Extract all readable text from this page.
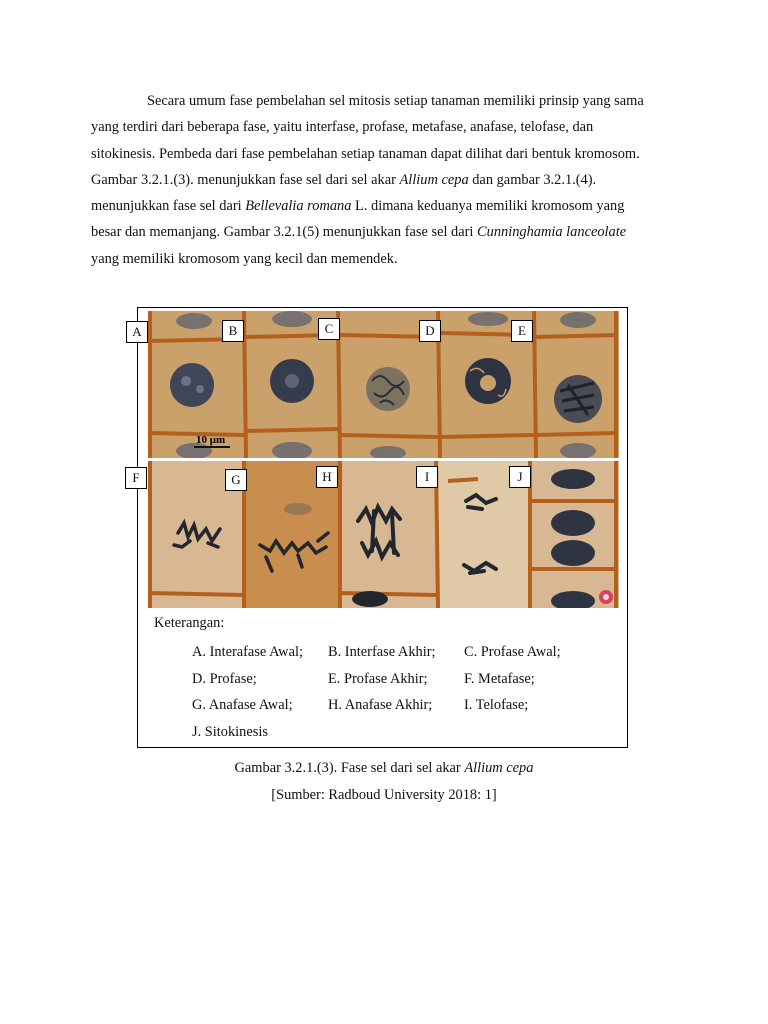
Secara umum fase pembelahan sel mitosis setiap tanaman memiliki prinsip yang sama
yang terdiri dari beberapa fase, yaitu interfase, profase, metafase, anafase, telofase, dan
sitokinesis. Pembeda dari fase pembelahan setiap tanaman dapat dilihat dari bentuk kromosom.
Gambar 3.2.1.(3). menunjukkan fase sel dari sel akar Allium cepa dan gambar 3.2.1.(4).
menunjukkan fase sel dari Bellevalia romana L. dimana keduanya memiliki kromosom yang
besar dan memanjang. Gambar 3.2.1(5) menunjukkan fase sel dari Cunninghamia lanceolate
yang memiliki kromosom yang kecil dan memendek.
10 μm
A	B	C	D	E
F	G	H	I	J
Keterangan:
A. Interafase Awal;	B. Interfase Akhir;	C. Profase Awal;
D. Profase;	E. Profase Akhir;	F. Metafase;
G. Anafase Awal;	H. Anafase Akhir;	I. Telofase;
J. Sitokinesis
Gambar 3.2.1.(3). Fase sel dari sel akar Allium cepa
[Sumber: Radboud University 2018: 1]
